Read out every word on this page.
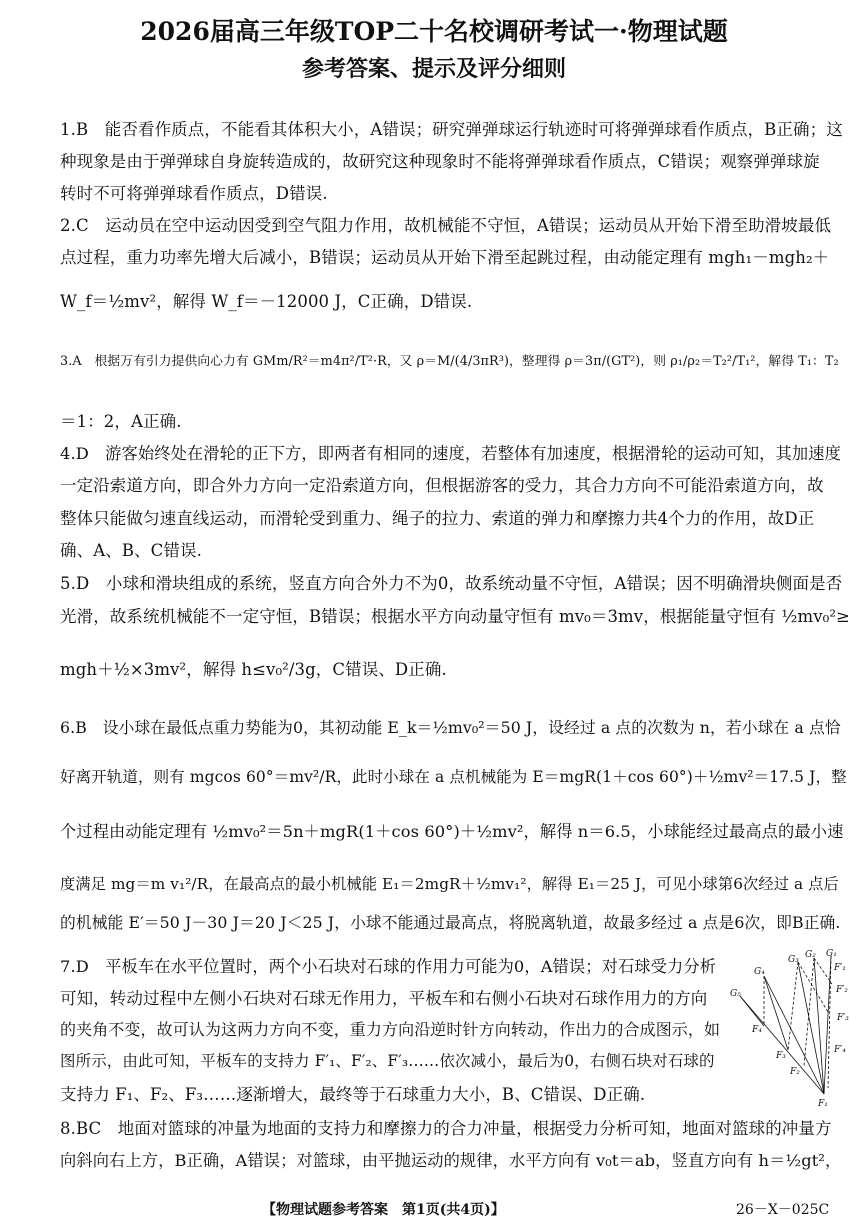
2026届高三年级TOP二十名校调研考试一·物理试题
参考答案、提示及评分细则
1.B　能否看作质点，不能看其体积大小，A错误；研究弹弹球运行轨迹时可将弹弹球看作质点，B正确；这
种现象是由于弹弹球自身旋转造成的，故研究这种现象时不能将弹弹球看作质点，C错误；观察弹弹球旋
转时不可将弹弹球看作质点，D错误.
2.C　运动员在空中运动因受到空气阻力作用，故机械能不守恒，A错误；运动员从开始下滑至助滑坡最低
点过程，重力功率先增大后减小，B错误；运动员从开始下滑至起跳过程，由动能定理有 mgh₁－mgh₂＋
W_f＝½mv²，解得 W_f＝－12000 J，C正确，D错误.
3.A　根据万有引力提供向心力有 GMm/R²＝m4π²/T²·R，又 ρ＝M/(4/3πR³)，整理得 ρ＝3π/(GT²)，则 ρ₁/ρ₂＝T₂²/T₁²，解得 T₁：T₂
＝1：2，A正确.
4.D　游客始终处在滑轮的正下方，即两者有相同的速度，若整体有加速度，根据滑轮的运动可知，其加速度
一定沿索道方向，即合外力方向一定沿索道方向，但根据游客的受力，其合力方向不可能沿索道方向，故
整体只能做匀速直线运动，而滑轮受到重力、绳子的拉力、索道的弹力和摩擦力共4个力的作用，故D正
确、A、B、C错误.
5.D　小球和滑块组成的系统，竖直方向合外力不为0，故系统动量不守恒，A错误；因不明确滑块侧面是否
光滑，故系统机械能不一定守恒，B错误；根据水平方向动量守恒有 mv₀＝3mv，根据能量守恒有 ½mv₀²≥
mgh＋½×3mv²，解得 h≤v₀²/3g，C错误、D正确.
6.B　设小球在最低点重力势能为0，其初动能 E_k＝½mv₀²＝50 J，设经过 a 点的次数为 n，若小球在 a 点恰
好离开轨道，则有 mgcos 60°＝mv²/R，此时小球在 a 点机械能为 E＝mgR(1＋cos 60°)＋½mv²＝17.5 J，整
个过程由动能定理有 ½mv₀²＝5n＋mgR(1＋cos 60°)＋½mv²，解得 n＝6.5，小球能经过最高点的最小速
度满足 mg＝m v₁²/R，在最高点的最小机械能 E₁＝2mgR＋½mv₁²，解得 E₁＝25 J，可见小球第6次经过 a 点后
的机械能 E′＝50 J－30 J＝20 J＜25 J，小球不能通过最高点，将脱离轨道，故最多经过 a 点是6次，即B正确.
7.D　平板车在水平位置时，两个小石块对石球的作用力可能为0，A错误；对石球受力分析
可知，转动过程中左侧小石块对石球无作用力，平板车和右侧小石块对石球作用力的方向
的夹角不变，故可认为这两力方向不变，重力方向沿逆时针方向转动，作出力的合成图示，如
图所示，由此可知，平板车的支持力 F′₁、F′₂、F′₃……依次减小，最后为0，右侧石块对石球的
支持力 F₁、F₂、F₃……逐渐增大，最终等于石球重力大小，B、C错误、D正确.
8.BC　地面对篮球的冲量为地面的支持力和摩擦力的合力冲量，根据受力分析可知，地面对篮球的冲量方
向斜向右上方，B正确，A错误；对篮球，由平抛运动的规律，水平方向有 v₀t＝ab，竖直方向有 h＝½gt²，
G₅
G₄
G₃ G₂ G₁
F′₁
F′₂
F′₃
F′₄
F₄
F₃
F₂
F₁
【物理试题参考答案　第1页(共4页)】	26－X－025C
